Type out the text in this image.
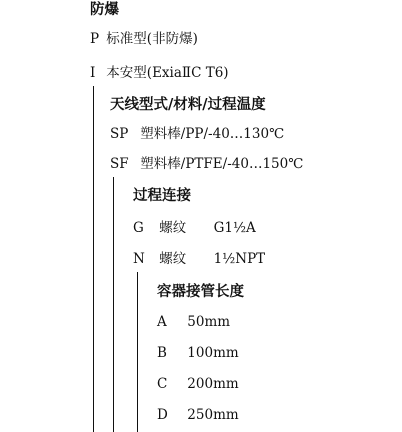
防爆
P 标准型(非防爆)
I 本安型(ExiaⅡC T6)
天线型式/材料/过程温度
SP 塑料棒/PP/-40…130℃
SF 塑料棒/PTFE/-40…150℃
过程连接
G 螺纹 G1½A
N 螺纹 1½NPT
容器接管长度
A 50mm
B 100mm
C 200mm
D 250mm
